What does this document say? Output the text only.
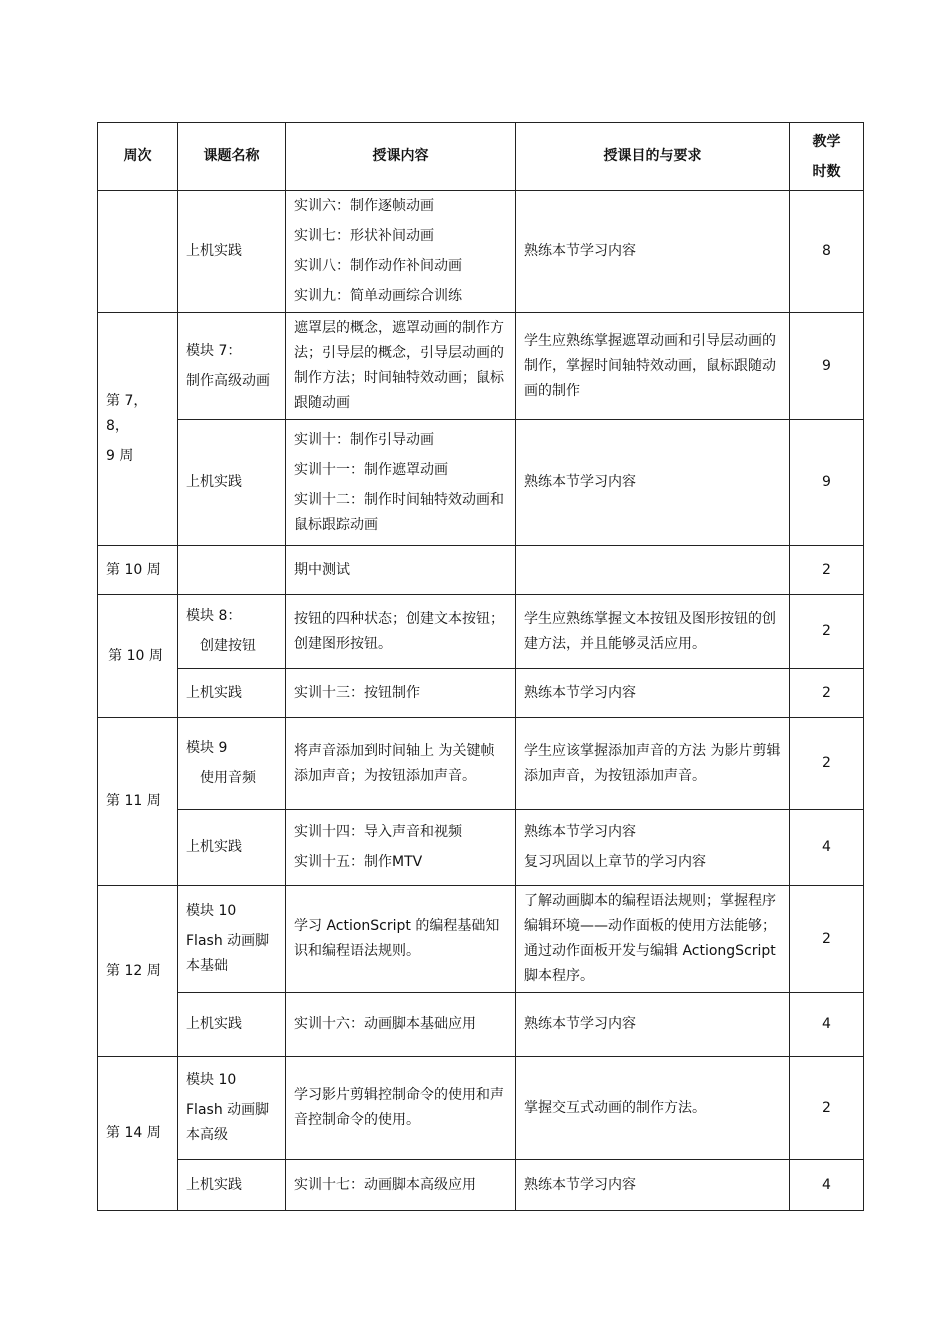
周次	课题名称	授课内容	授课目的与要求	教学
时数

	上机实践	实训六：制作逐帧动画
实训七：形状补间动画
实训八：制作动作补间动画
实训九：简单动画综合训练	熟练本节学习内容	8

第 7，8，
9 周	模块 7：
制作高级动画	遮罩层的概念，遮罩动画的制作方法；引导层的概念，引导层动画的制作方法；时间轴特效动画；鼠标跟随动画	学生应熟练掌握遮罩动画和引导层动画的制作，掌握时间轴特效动画，鼠标跟随动画的制作	9
	上机实践	实训十：制作引导动画
实训十一：制作遮罩动画
实训十二：制作时间轴特效动画和鼠标跟踪动画	熟练本节学习内容	9
第 10 周		期中测试		2
第 10 周	模块 8：
创建按钮	按钮的四种状态；创建文本按钮；创建图形按钮。	学生应熟练掌握文本按钮及图形按钮的创建方法，并且能够灵活应用。	2
	上机实践	实训十三：按钮制作	熟练本节学习内容	2
第 11 周	模块 9
使用音频	将声音添加到时间轴上 为关键帧添加声音；为按钮添加声音。	学生应该掌握添加声音的方法 为影片剪辑添加声音，为按钮添加声音。	2
	上机实践	实训十四：导入声音和视频
实训十五：制作MTV	熟练本节学习内容
复习巩固以上章节的学习内容	4
第 12 周	模块 10
Flash 动画脚本基础	学习 ActionScript 的编程基础知识和编程语法规则。	了解动画脚本的编程语法规则；掌握程序编辑环境——动作面板的使用方法能够；通过动作面板开发与编辑 ActiongScript 脚本程序。	2
	上机实践	实训十六：动画脚本基础应用	熟练本节学习内容	4
第 14 周	模块 10
Flash 动画脚本高级	学习影片剪辑控制命令的使用和声音控制命令的使用。	掌握交互式动画的制作方法。	2
	上机实践	实训十七：动画脚本高级应用	熟练本节学习内容	4
